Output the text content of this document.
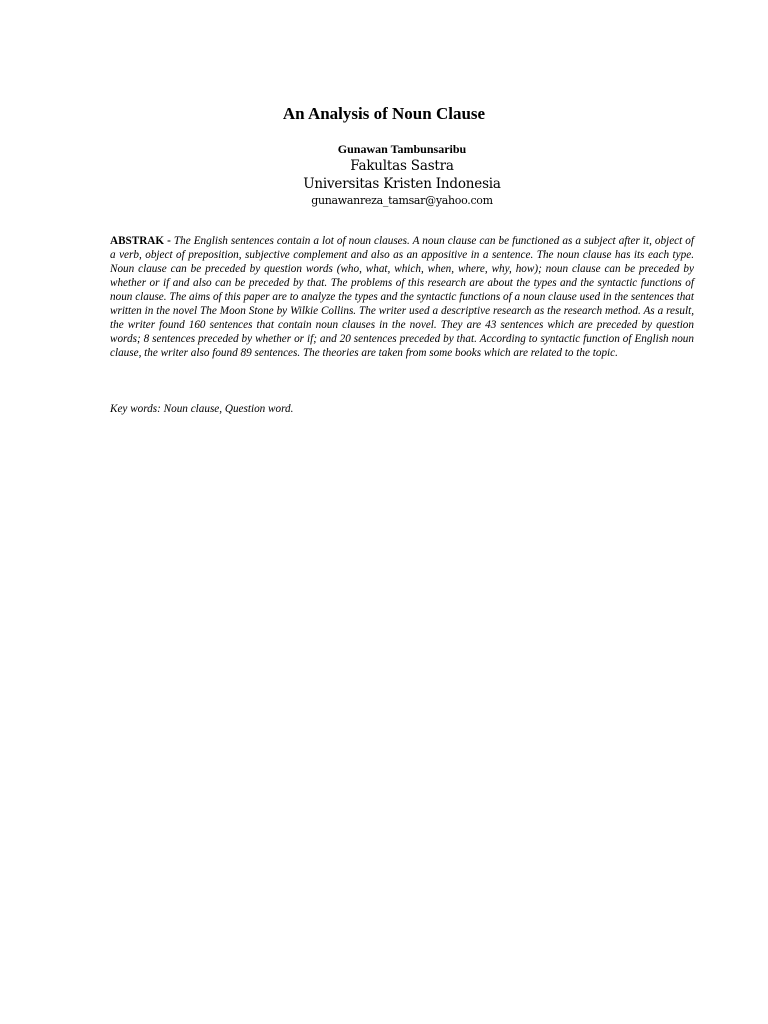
An Analysis of Noun Clause
Gunawan Tambunsaribu
Fakultas Sastra
Universitas Kristen Indonesia
gunawanreza_tamsar@yahoo.com
ABSTRAK - The English sentences contain a lot of noun clauses. A noun clause can be functioned as a subject after it, object of a verb, object of preposition, subjective complement and also as an appositive in a sentence. The noun clause has its each type. Noun clause can be preceded by question words (who, what, which, when, where, why, how); noun clause can be preceded by whether or if and also can be preceded by that. The problems of this research are about the types and the syntactic functions of noun clause. The aims of this paper are to analyze the types and the syntactic functions of a noun clause used in the sentences that written in the novel The Moon Stone by Wilkie Collins. The writer used a descriptive research as the research method. As a result, the writer found 160 sentences that contain noun clauses in the novel. They are 43 sentences which are preceded by question words; 8 sentences preceded by whether or if; and 20 sentences preceded by that. According to syntactic function of English noun clause, the writer also found 89 sentences. The theories are taken from some books which are related to the topic.
Key words: Noun clause, Question word.
